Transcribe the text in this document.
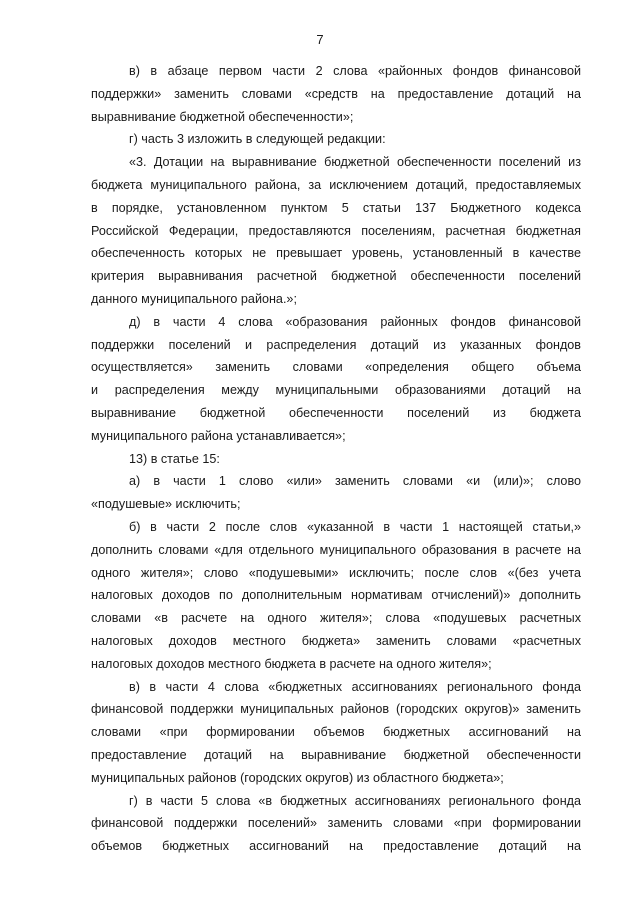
7
в) в абзаце первом части 2 слова «районных фондов финансовой
поддержки» заменить словами «средств на предоставление дотаций на
выравнивание бюджетной обеспеченности»;
г) часть 3 изложить в следующей редакции:
«3. Дотации на выравнивание бюджетной обеспеченности поселений из
бюджета муниципального района, за исключением дотаций, предоставляемых
в порядке, установленном пунктом 5 статьи 137 Бюджетного кодекса
Российской Федерации, предоставляются поселениям, расчетная бюджетная
обеспеченность которых не превышает уровень, установленный в качестве
критерия выравнивания расчетной бюджетной обеспеченности поселений
данного муниципального района.»;
д) в части 4 слова «образования районных фондов финансовой
поддержки поселений и распределения дотаций из указанных фондов
осуществляется» заменить словами «определения общего объема
и распределения между муниципальными образованиями дотаций на
выравнивание бюджетной обеспеченности поселений из бюджета
муниципального района устанавливается»;
13) в статье 15:
а) в части 1 слово «или» заменить словами «и (или)»; слово
«подушевые» исключить;
б) в части 2 после слов «указанной в части 1 настоящей статьи,»
дополнить словами «для отдельного муниципального образования в расчете на
одного жителя»; слово «подушевыми» исключить; после слов «(без учета
налоговых доходов по дополнительным нормативам отчислений)» дополнить
словами «в расчете на одного жителя»; слова «подушевых расчетных
налоговых доходов местного бюджета» заменить словами «расчетных
налоговых доходов местного бюджета в расчете на одного жителя»;
в) в части 4 слова «бюджетных ассигнованиях регионального фонда
финансовой поддержки муниципальных районов (городских округов)» заменить
словами «при формировании объемов бюджетных ассигнований на
предоставление дотаций на выравнивание бюджетной обеспеченности
муниципальных районов (городских округов) из областного бюджета»;
г) в части 5 слова «в бюджетных ассигнованиях регионального фонда
финансовой поддержки поселений» заменить словами «при формировании
объемов бюджетных ассигнований на предоставление дотаций на
